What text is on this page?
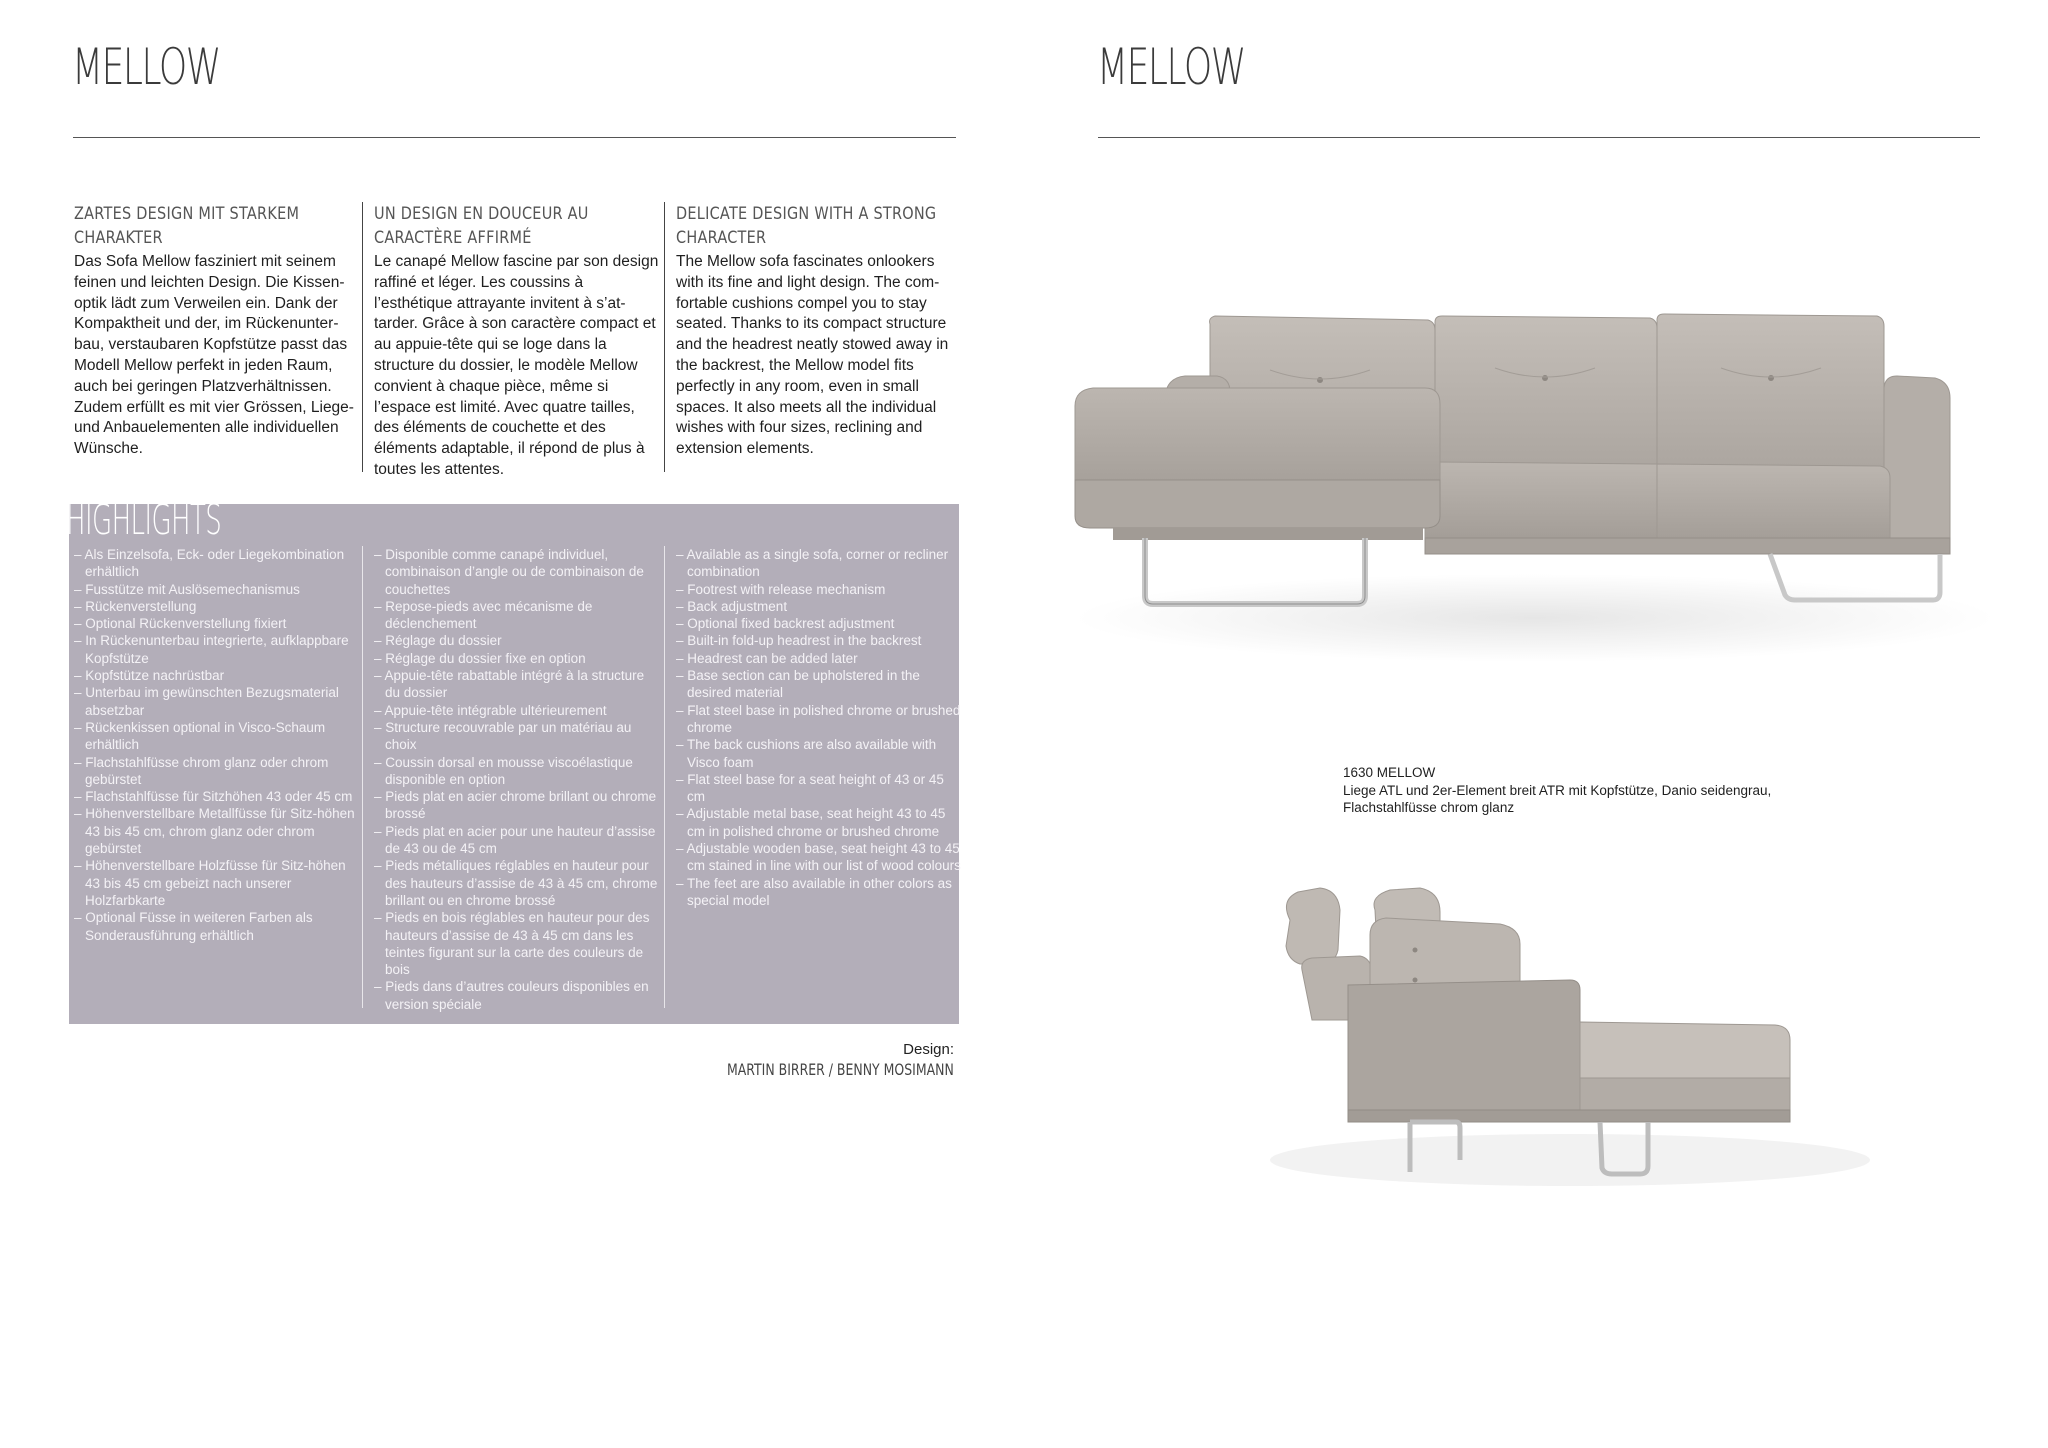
MELLOW
ZARTES DESIGN MIT STARKEM CHARAKTER
Das Sofa Mellow fasziniert mit seinem feinen und leichten Design. Die Kissen-optik lädt zum Verweilen ein. Dank der Kompaktheit und der, im Rückenunter-bau, verstaubaren Kopfstütze passt das Modell Mellow perfekt in jeden Raum, auch bei geringen Platzverhältnissen. Zudem erfüllt es mit vier Grössen, Liege- und Anbauelementen alle individuellen Wünsche.
UN DESIGN EN DOUCEUR AU CARACTÈRE AFFIRMÉ
Le canapé Mellow fascine par son design raffiné et léger. Les coussins à l’esthétique attrayante invitent à s’at-tarder. Grâce à son caractère compact et au appuie-tête qui se loge dans la structure du dossier, le modèle Mellow convient à chaque pièce, même si l’espace est limité. Avec quatre tailles, des éléments de couchette et des éléments adaptable, il répond de plus à toutes les attentes.
DELICATE DESIGN WITH A STRONG CHARACTER
The Mellow sofa fascinates onlookers with its fine and light design. The com-fortable cushions compel you to stay seated. Thanks to its compact structure and the headrest neatly stowed away in the backrest, the Mellow model fits perfectly in any room, even in small spaces. It also meets all the individual wishes with four sizes, reclining and extension elements.
HIGHLIGHTS
– Als Einzelsofa, Eck- oder Liegekombination erhältlich
– Fusstütze mit Auslösemechanismus
– Rückenverstellung
– Optional Rückenverstellung fixiert
– In Rückenunterbau integrierte, aufklappbare Kopfstütze
– Kopfstütze nachrüstbar
– Unterbau im gewünschten Bezugsmaterial absetzbar
– Rückenkissen optional in Visco-Schaum erhältlich
– Flachstahlfüsse chrom glanz oder chrom gebürstet
– Flachstahlfüsse für Sitzhöhen 43 oder 45 cm
– Höhenverstellbare Metallfüsse für Sitz-höhen 43 bis 45 cm, chrom glanz oder chrom gebürstet
– Höhenverstellbare Holzfüsse für Sitz-höhen 43 bis 45 cm gebeizt nach unserer Holzfarbkarte
– Optional Füsse in weiteren Farben als Sonderausführung erhältlich
– Disponible comme canapé individuel, combinaison d’angle ou de combinaison de couchettes
– Repose-pieds avec mécanisme de déclenchement
– Réglage du dossier
– Réglage du dossier fixe en option
– Appuie-tête rabattable intégré à la structure du dossier
– Appuie-tête intégrable ultérieurement
– Structure recouvrable par un matériau au choix
– Coussin dorsal en mousse viscoélastique disponible en option
– Pieds plat en acier chrome brillant ou chrome brossé
– Pieds plat en acier pour une hauteur d’assise de 43 ou de 45 cm
– Pieds métalliques réglables en hauteur pour des hauteurs d’assise de 43 à 45 cm, chrome brillant ou en chrome brossé
– Pieds en bois réglables en hauteur pour des hauteurs d’assise de 43 à 45 cm dans les teintes figurant sur la carte des couleurs de bois
– Pieds dans d’autres couleurs disponibles en version spéciale
– Available as a single sofa, corner or recliner combination
– Footrest with release mechanism
– Back adjustment
– Optional fixed backrest adjustment
– Built-in fold-up headrest in the backrest
– Headrest can be added later
– Base section can be upholstered in the desired material
– Flat steel base in polished chrome or brushed chrome
– The back cushions are also available with Visco foam
– Flat steel base for a seat height of 43 or 45 cm
– Adjustable metal base, seat height 43 to 45 cm in polished chrome or brushed chrome
– Adjustable wooden base, seat height 43 to 45 cm stained in line with our list of wood colours
– The feet are also available in other colors as special model
Design:
MARTIN BIRRER / BENNY MOSIMANN
MELLOW
1630 MELLOW
Liege ATL und 2er-Element breit ATR mit Kopfstütze, Danio seidengrau,
Flachstahlfüsse chrom glanz
